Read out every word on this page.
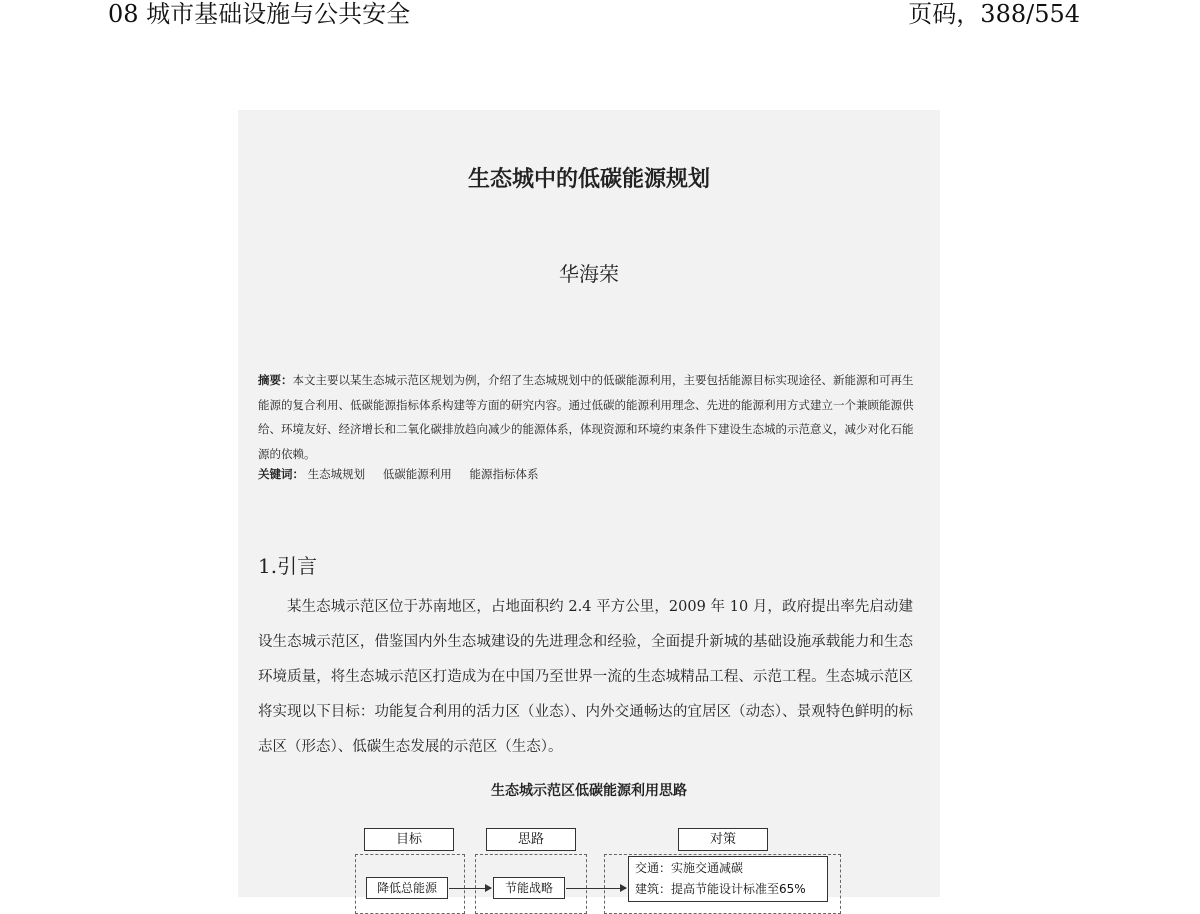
08 城市基础设施与公共安全	页码，388/554
生态城中的低碳能源规划
华海荣
摘要：本文主要以某生态城示范区规划为例，介绍了生态城规划中的低碳能源利用，主要包括能源目标实现途径、新能源和可再生能源的复合利用、低碳能源指标体系构建等方面的研究内容。通过低碳的能源利用理念、先进的能源利用方式建立一个兼顾能源供给、环境友好、经济增长和二氧化碳排放趋向减少的能源体系，体现资源和环境约束条件下建设生态城的示范意义，减少对化石能源的依赖。
关键词： 生态城规划 低碳能源利用 能源指标体系
1.引言
某生态城示范区位于苏南地区，占地面积约 2.4 平方公里，2009 年 10 月，政府提出率先启动建设生态城示范区，借鉴国内外生态城建设的先进理念和经验，全面提升新城的基础设施承载能力和生态环境质量，将生态城示范区打造成为在中国乃至世界一流的生态城精品工程、示范工程。生态城示范区将实现以下目标：功能复合利用的活力区（业态）、内外交通畅达的宜居区（动态）、景观特色鲜明的标志区（形态）、低碳生态发展的示范区（生态）。
生态城示范区低碳能源利用思路
目标	思路	对策
降低总能源	节能战略
交通：实施交通减碳
建筑：提高节能设计标准至65%
